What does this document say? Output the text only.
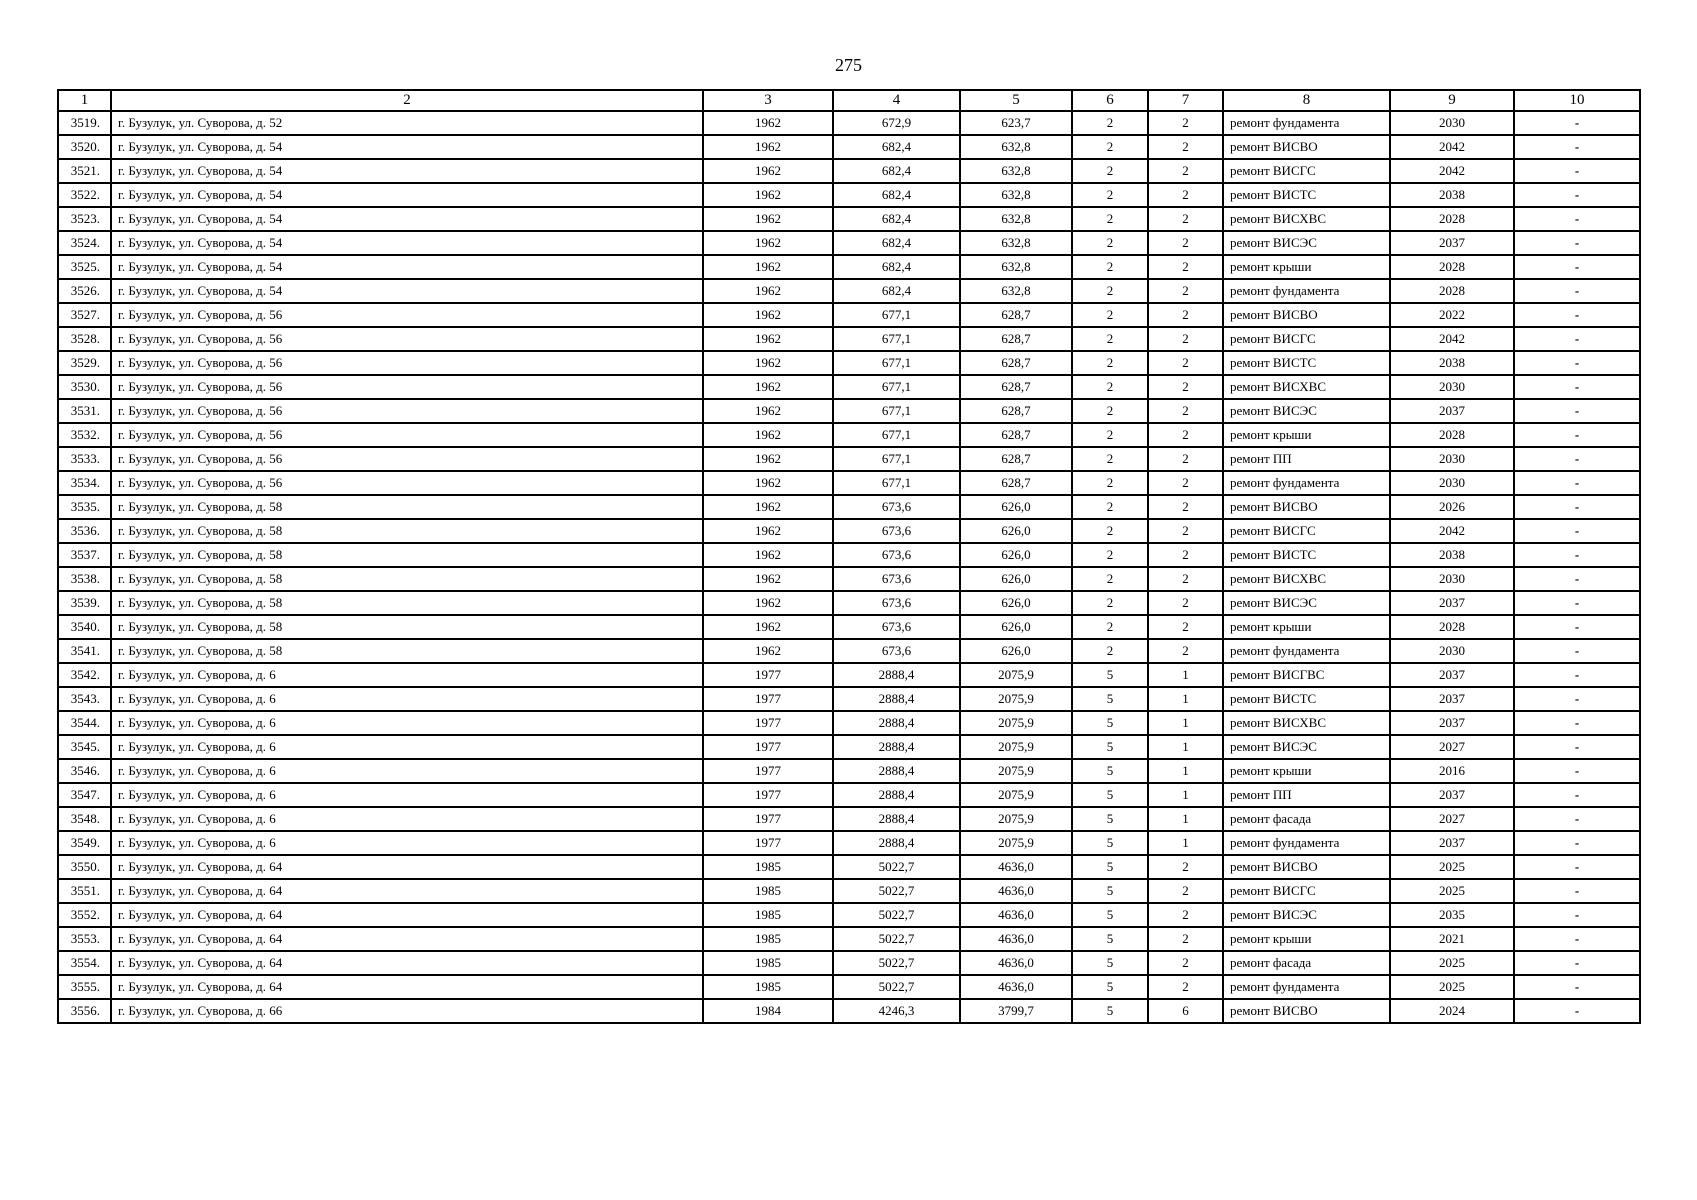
275
1	2	3	4	5	6	7	8	9	10
3519.	г. Бузулук, ул. Суворова, д. 52	1962	672,9	623,7	2	2	ремонт фундамента	2030	-
3520.	г. Бузулук, ул. Суворова, д. 54	1962	682,4	632,8	2	2	ремонт ВИСВО	2042	-
3521.	г. Бузулук, ул. Суворова, д. 54	1962	682,4	632,8	2	2	ремонт ВИСГС	2042	-
3522.	г. Бузулук, ул. Суворова, д. 54	1962	682,4	632,8	2	2	ремонт ВИСТС	2038	-
3523.	г. Бузулук, ул. Суворова, д. 54	1962	682,4	632,8	2	2	ремонт ВИСХВС	2028	-
3524.	г. Бузулук, ул. Суворова, д. 54	1962	682,4	632,8	2	2	ремонт ВИСЭС	2037	-
3525.	г. Бузулук, ул. Суворова, д. 54	1962	682,4	632,8	2	2	ремонт крыши	2028	-
3526.	г. Бузулук, ул. Суворова, д. 54	1962	682,4	632,8	2	2	ремонт фундамента	2028	-
3527.	г. Бузулук, ул. Суворова, д. 56	1962	677,1	628,7	2	2	ремонт ВИСВО	2022	-
3528.	г. Бузулук, ул. Суворова, д. 56	1962	677,1	628,7	2	2	ремонт ВИСГС	2042	-
3529.	г. Бузулук, ул. Суворова, д. 56	1962	677,1	628,7	2	2	ремонт ВИСТС	2038	-
3530.	г. Бузулук, ул. Суворова, д. 56	1962	677,1	628,7	2	2	ремонт ВИСХВС	2030	-
3531.	г. Бузулук, ул. Суворова, д. 56	1962	677,1	628,7	2	2	ремонт ВИСЭС	2037	-
3532.	г. Бузулук, ул. Суворова, д. 56	1962	677,1	628,7	2	2	ремонт крыши	2028	-
3533.	г. Бузулук, ул. Суворова, д. 56	1962	677,1	628,7	2	2	ремонт ПП	2030	-
3534.	г. Бузулук, ул. Суворова, д. 56	1962	677,1	628,7	2	2	ремонт фундамента	2030	-
3535.	г. Бузулук, ул. Суворова, д. 58	1962	673,6	626,0	2	2	ремонт ВИСВО	2026	-
3536.	г. Бузулук, ул. Суворова, д. 58	1962	673,6	626,0	2	2	ремонт ВИСГС	2042	-
3537.	г. Бузулук, ул. Суворова, д. 58	1962	673,6	626,0	2	2	ремонт ВИСТС	2038	-
3538.	г. Бузулук, ул. Суворова, д. 58	1962	673,6	626,0	2	2	ремонт ВИСХВС	2030	-
3539.	г. Бузулук, ул. Суворова, д. 58	1962	673,6	626,0	2	2	ремонт ВИСЭС	2037	-
3540.	г. Бузулук, ул. Суворова, д. 58	1962	673,6	626,0	2	2	ремонт крыши	2028	-
3541.	г. Бузулук, ул. Суворова, д. 58	1962	673,6	626,0	2	2	ремонт фундамента	2030	-
3542.	г. Бузулук, ул. Суворова, д. 6	1977	2888,4	2075,9	5	1	ремонт ВИСГВС	2037	-
3543.	г. Бузулук, ул. Суворова, д. 6	1977	2888,4	2075,9	5	1	ремонт ВИСТС	2037	-
3544.	г. Бузулук, ул. Суворова, д. 6	1977	2888,4	2075,9	5	1	ремонт ВИСХВС	2037	-
3545.	г. Бузулук, ул. Суворова, д. 6	1977	2888,4	2075,9	5	1	ремонт ВИСЭС	2027	-
3546.	г. Бузулук, ул. Суворова, д. 6	1977	2888,4	2075,9	5	1	ремонт крыши	2016	-
3547.	г. Бузулук, ул. Суворова, д. 6	1977	2888,4	2075,9	5	1	ремонт ПП	2037	-
3548.	г. Бузулук, ул. Суворова, д. 6	1977	2888,4	2075,9	5	1	ремонт фасада	2027	-
3549.	г. Бузулук, ул. Суворова, д. 6	1977	2888,4	2075,9	5	1	ремонт фундамента	2037	-
3550.	г. Бузулук, ул. Суворова, д. 64	1985	5022,7	4636,0	5	2	ремонт ВИСВО	2025	-
3551.	г. Бузулук, ул. Суворова, д. 64	1985	5022,7	4636,0	5	2	ремонт ВИСГС	2025	-
3552.	г. Бузулук, ул. Суворова, д. 64	1985	5022,7	4636,0	5	2	ремонт ВИСЭС	2035	-
3553.	г. Бузулук, ул. Суворова, д. 64	1985	5022,7	4636,0	5	2	ремонт крыши	2021	-
3554.	г. Бузулук, ул. Суворова, д. 64	1985	5022,7	4636,0	5	2	ремонт фасада	2025	-
3555.	г. Бузулук, ул. Суворова, д. 64	1985	5022,7	4636,0	5	2	ремонт фундамента	2025	-
3556.	г. Бузулук, ул. Суворова, д. 66	1984	4246,3	3799,7	5	6	ремонт ВИСВО	2024	-
